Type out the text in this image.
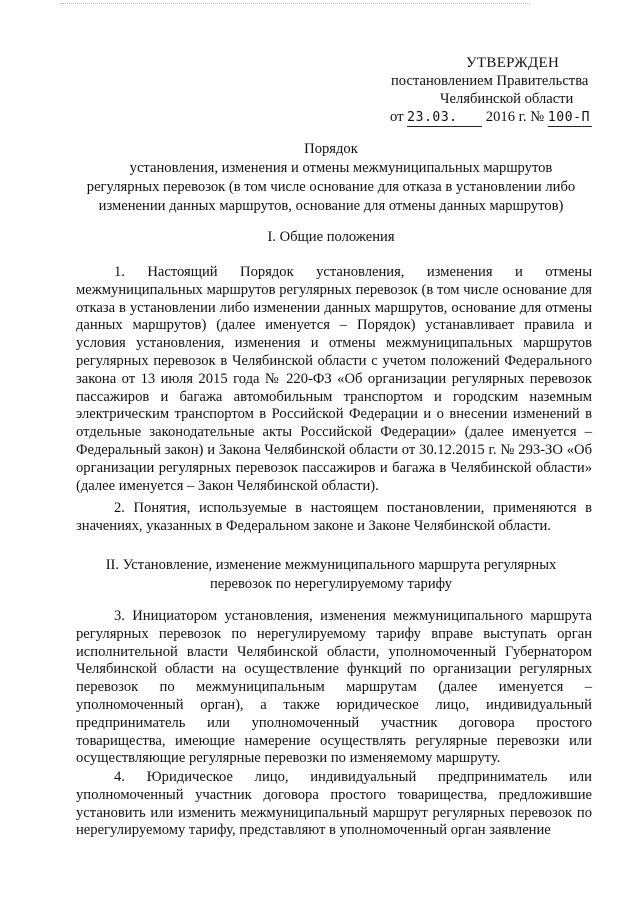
УТВЕРЖДЕН
постановлением Правительства
Челябинской области
от 23.03. 2016 г. № 100-П
Порядок
установления, изменения и отмены межмуниципальных маршрутов
регулярных перевозок (в том числе основание для отказа в установлении либо
изменении данных маршрутов, основание для отмены данных маршрутов)
I. Общие положения

1. Настоящий Порядок установления, изменения и отмены межмуниципальных маршрутов регулярных перевозок (в том числе основание для отказа в установлении либо изменении данных маршрутов, основание для отмены данных маршрутов) (далее именуется – Порядок) устанавливает правила и условия установления, изменения и отмены межмуниципальных маршрутов регулярных перевозок в Челябинской области с учетом положений Федерального закона от 13 июля 2015 года № 220-ФЗ «Об организации регулярных перевозок пассажиров и багажа автомобильным транспортом и городским наземным электрическим транспортом в Российской Федерации и о внесении изменений в отдельные законодательные акты Российской Федерации» (далее именуется – Федеральный закон) и Закона Челябинской области от 30.12.2015 г. № 293-ЗО «Об организации регулярных перевозок пассажиров и багажа в Челябинской области» (далее именуется – Закон Челябинской области).

2. Понятия, используемые в настоящем постановлении, применяются в значениях, указанных в Федеральном законе и Законе Челябинской области.

II. Установление, изменение межмуниципального маршрута регулярных
перевозок по нерегулируемому тарифу

3. Инициатором установления, изменения межмуниципального маршрута регулярных перевозок по нерегулируемому тарифу вправе выступать орган исполнительной власти Челябинской области, уполномоченный Губернатором Челябинской области на осуществление функций по организации регулярных перевозок по межмуниципальным маршрутам (далее именуется – уполномоченный орган), а также юридическое лицо, индивидуальный предприниматель или уполномоченный участник договора простого товарищества, имеющие намерение осуществлять регулярные перевозки или осуществляющие регулярные перевозки по изменяемому маршруту.

4. Юридическое лицо, индивидуальный предприниматель или уполномоченный участник договора простого товарищества, предложившие установить или изменить межмуниципальный маршрут регулярных перевозок по нерегулируемому тарифу, представляют в уполномоченный орган заявление
